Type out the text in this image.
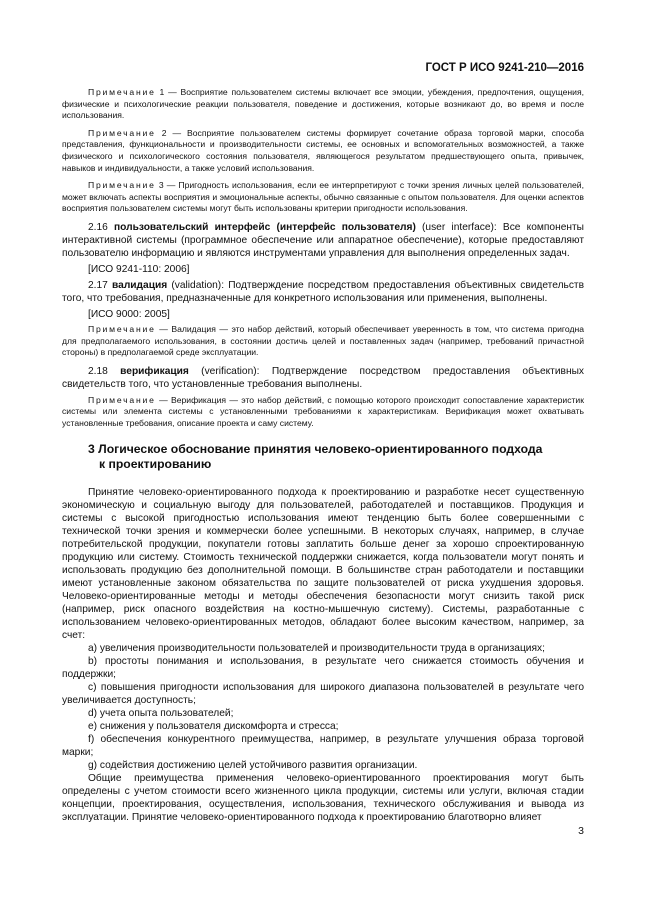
ГОСТ Р ИСО 9241-210—2016

Примечание 1 — Восприятие пользователем системы включает все эмоции, убеждения, предпочтения, ощущения, физические и психологические реакции пользователя, поведение и достижения, которые возникают до, во время и после использования.

Примечание 2 — Восприятие пользователем системы формирует сочетание образа торговой марки, способа представления, функциональности и производительности системы, ее основных и вспомогательных возможностей, а также физического и психологического состояния пользователя, являющегося результатом предшествующего опыта, привычек, навыков и индивидуальности, а также условий использования.

Примечание 3 — Пригодность использования, если ее интерпретируют с точки зрения личных целей пользователей, может включать аспекты восприятия и эмоциональные аспекты, обычно связанные с опытом пользователя. Для оценки аспектов восприятия пользователем системы могут быть использованы критерии пригодности использования.

2.16 пользовательский интерфейс (интерфейс пользователя) (user interface): Все компоненты интерактивной системы (программное обеспечение или аппаратное обеспечение), которые предоставляют пользователю информацию и являются инструментами управления для выполнения определенных задач.

[ИСО 9241-110: 2006]

2.17 валидация (validation): Подтверждение посредством предоставления объективных свидетельств того, что требования, предназначенные для конкретного использования или применения, выполнены.

[ИСО 9000: 2005]

Примечание — Валидация — это набор действий, который обеспечивает уверенность в том, что система пригодна для предполагаемого использования, в состоянии достичь целей и поставленных задач (например, требований причастной стороны) в предполагаемой среде эксплуатации.

2.18 верификация (verification): Подтверждение посредством предоставления объективных свидетельств того, что установленные требования выполнены.

Примечание — Верификация — это набор действий, с помощью которого происходит сопоставление характеристик системы или элемента системы с установленными требованиями к характеристикам. Верификация может охватывать установленные требования, описание проекта и саму систему.

3 Логическое обоснование принятия человеко-ориентированного подхода
к проектированию

Принятие человеко-ориентированного подхода к проектированию и разработке несет существенную экономическую и социальную выгоду для пользователей, работодателей и поставщиков. Продукция и системы с высокой пригодностью использования имеют тенденцию быть более совершенными с технической точки зрения и коммерчески более успешными. В некоторых случаях, например, в случае потребительской продукции, покупатели готовы заплатить больше денег за хорошо спроектированную продукцию или систему. Стоимость технической поддержки снижается, когда пользователи могут понять и использовать продукцию без дополнительной помощи. В большинстве стран работодатели и поставщики имеют установленные законом обязательства по защите пользователей от риска ухудшения здоровья. Человеко-ориентированные методы и методы обеспечения безопасности могут снизить такой риск (например, риск опасного воздействия на костно-мышечную систему). Системы, разработанные с использованием человеко-ориентированных методов, обладают более высоким качеством, например, за счет:

a) увеличения производительности пользователей и производительности труда в организациях;

b) простоты понимания и использования, в результате чего снижается стоимость обучения и поддержки;

c) повышения пригодности использования для широкого диапазона пользователей в результате чего увеличивается доступность;

d) учета опыта пользователей;

e) снижения у пользователя дискомфорта и стресса;

f) обеспечения конкурентного преимущества, например, в результате улучшения образа торговой марки;

g) содействия достижению целей устойчивого развития организации.

Общие преимущества применения человеко-ориентированного проектирования могут быть определены с учетом стоимости всего жизненного цикла продукции, системы или услуги, включая стадии концепции, проектирования, осуществления, использования, технического обслуживания и вывода из эксплуатации. Принятие человеко-ориентированного подхода к проектированию благотворно влияет

3
